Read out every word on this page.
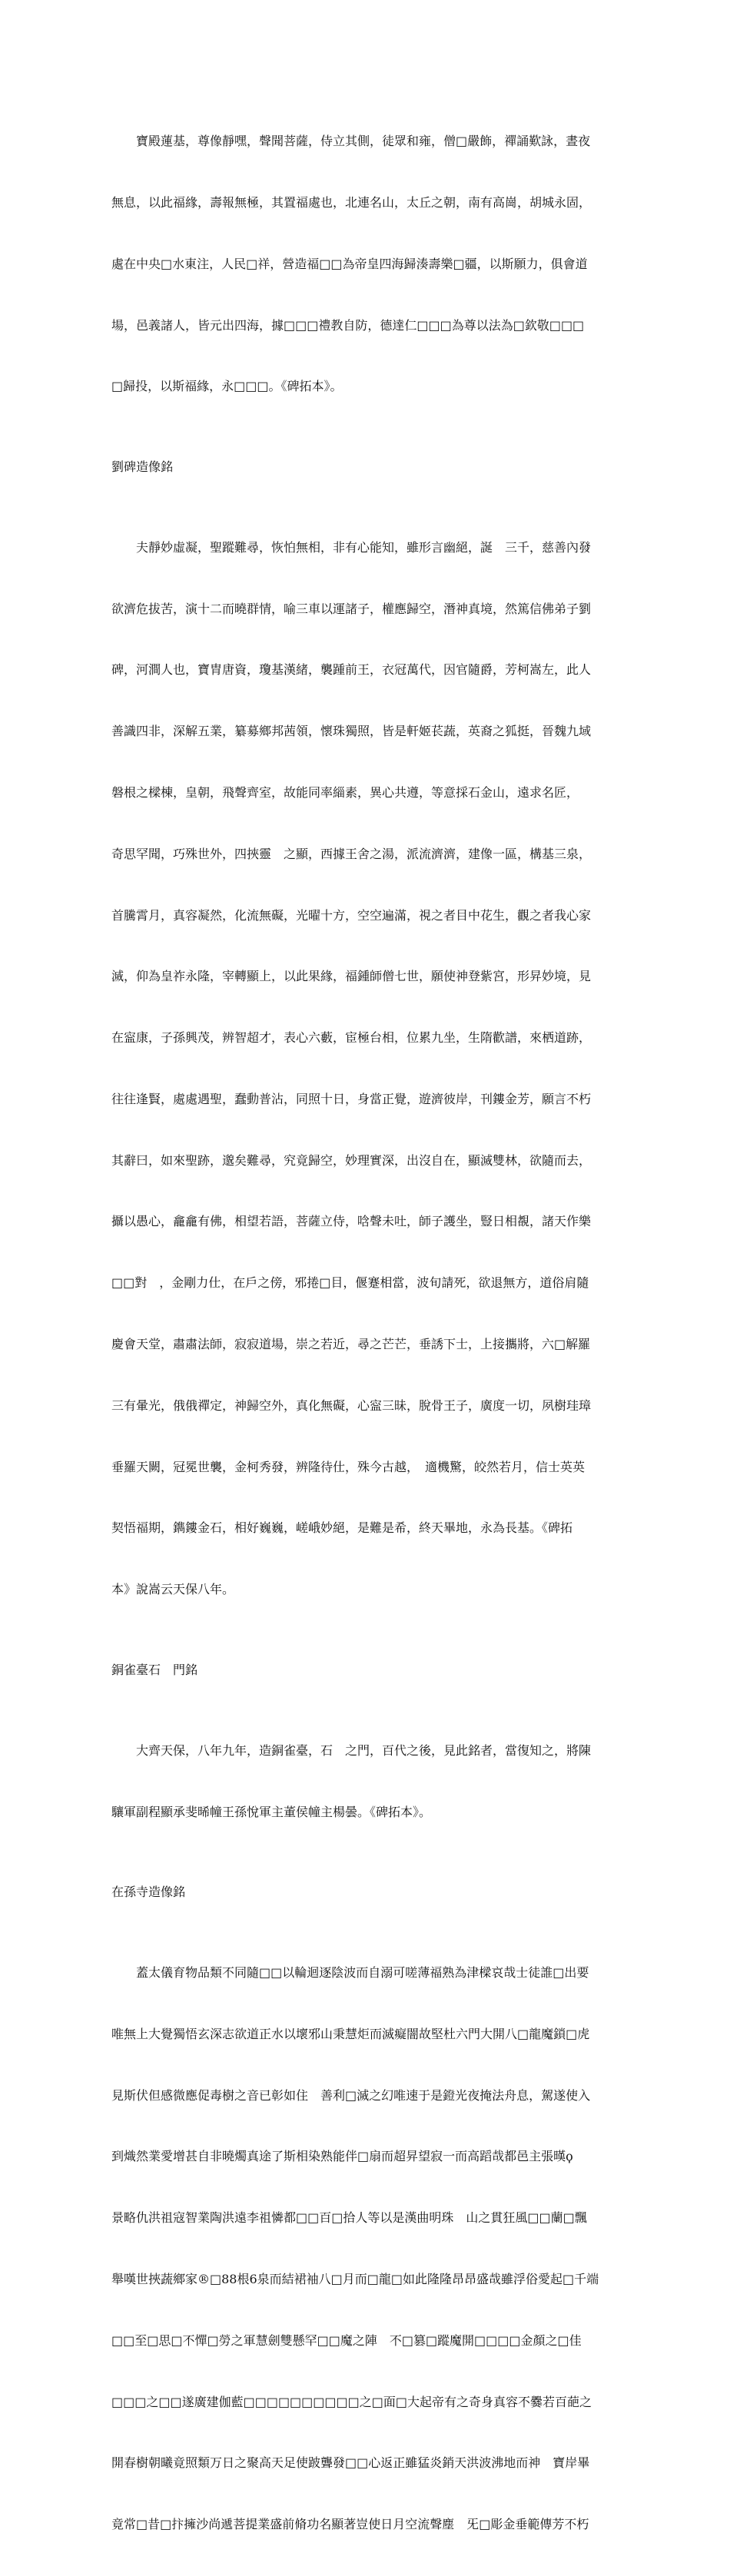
　　寶殿蓮基，尊像靜嘿，聲聞菩薩，侍立其側，徒眾和雍，僧□嚴飾，禪誦歎詠，晝夜

無息，以此福緣，壽報無極，其置福處也，北連名山，太丘之朝，南有高崗，胡城永固，

處在中央□水東注，人民□祥，營造福□□為帝皇四海歸湊壽樂□疆，以斯願力，俱會道

場，邑義諸人，皆元出四海，據□□□禮教自防，德達仁□□□為尊以法為□欽敬□□□

□歸投，以斯福緣，永□□□。《碑拓本》。

劉碑造像銘

　　夫靜妙虛凝，聖蹤難尋，恢怕無相，非有心能知，雖形言幽絕，誕　三千，慈善內發

欲濟危拔苦，演十二而曉群情，喻三車以運諸子，權應歸空，潛神真境，然篤信佛弟子劉

碑，河澗人也，寶胄唐資，瓊基漢緒，襲踵前王，衣冠萬代，因官隨爵，芳柯嵩左，此人

善識四非，深解五業，纂募鄉邦茜領，懷珠獨照，皆是軒姬苌蔬，英裔之狐挺，晉魏九域

磐根之樑棟，皇朝，飛聲齊室，故能同率緇素，異心共遵，等意採石金山，遠求名匠，

奇思罕聞，巧殊世外，四挾靈　之顯，西據王舍之湯，派流濟濟，建像一區，構基三泉，

首騰霄月，真容凝然，化流無礙，光曜十方，空空遍滿，視之者目中花生，觀之者我心家

滅，仰為皇祚永隆，宰轉顯上，以此果緣，福鍾師僧七世，願使神登紫宮，形昇妙境，見

在寍康，子孫興茂，辨智超才，表心六藪，宦極台相，位累九坐，生隋歡譜，來栖道跡，

往往逢賢，處處遇聖，蠢動普沾，同照十日，身當正覺，遊濟彼岸，刊鏤金芳，願言不朽

其辭曰，如來聖跡，邈矣難尋，究竟歸空，妙理實深，出沒自在，顯滅雙林，欲隨而去，

攝以愚心，龕龕有佛，相望若語，菩薩立侍，唅聲未吐，師子護坐，豎日相覩，諸天作樂

□□對　，金剛力仕，在戶之傍，邪捲□目，偃蹇相當，波旬請死，欲退無方，道俗肩隨

慶會天堂，肅肅法師，寂寂道場，崇之若近，尋之芒芒，垂誘下士，上接攜將，六□解羅

三有暈光，俄俄禪定，神歸空外，真化無礙，心寍三昧，脫骨王子，廣度一切，夙樹珪璋

垂羅天闕，冠冕世襲，金柯秀發，辨隆待仕，殊今古越，　適機驚，皎然若月，信士英英

契悟福期，鐫鏤金石，相好巍巍，嵯峨妙絕，是難是希，終天畢地，永為長基。《碑拓

本》說嵩云天保八年。

銅雀臺石　門銘

　　大齊天保，八年九年，造銅雀臺，石　之門，百代之後，見此銘者，當復知之，將陳

驤軍副程顯承斐晞幢王孫悅軍主董侯幢主楊曇。《碑拓本》。

在孫寺造像銘

　　蓋太儀育物品類不同隨□□以輪迴逐陰波而自溺可嗟薄福熟為津樑哀哉士徒誰□出要

唯無上大覺獨悟玄深志欲道正水以壞邪山秉慧炬而滅癡闇故堅杜六門大開八□龍魔鎖□虎

見斯伏但感微應促毒樹之音已彰如住　善利□滅之幻唯速于是鐙光夜掩法舟息，駕遂使入

到熾然業愛增甚自非曉燭真途了斯相染熟能伴□扇而超昇望寂一而高蹈哉都邑主張暵ϙ

景略仇洪祖寇智業陶洪遠李祖憐都□□百□拾人等以是漢曲明珠　山之貫狂風□□蘭□飄

舉嘆世挾蔬鄉家®□88根6泉而結裙袖八□月而□龍□如此隆隆昂昂盛哉雖浮俗愛起□千端

□□至□思□不憚□勞之軍慧劍雙懸罕□□魔之陣　不□篡□蹤魔開□□□□金顏之□佳

□□□之□□遂廣建伽藍□□□□□□□□□□之□面□大起帝有之奇身真容不爨若百葩之

開春樹朝曦竟照類万日之聚高天足使跛聾發□□心返正雖猛炎銷天洪波沸地而神　寶岸畢

竟常□昔□抃擁沙尚遞菩提業盛前脩功名顯著豈使日月空流聲塵　旡□彫金垂範傳芳不朽
